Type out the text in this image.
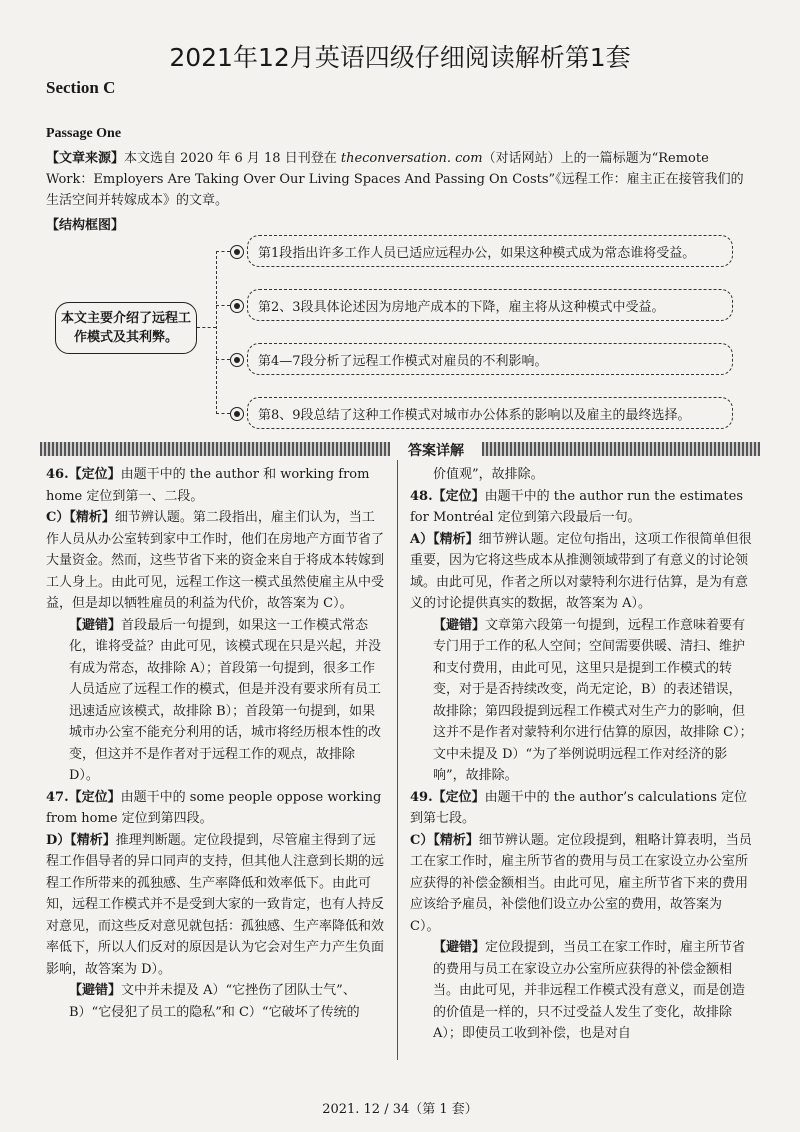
2021年12月英语四级仔细阅读解析第1套
Section C
Passage One
【文章来源】本文选自 2020 年 6 月 18 日刊登在 theconversation. com（对话网站）上的一篇标题为“Remote Work：Employers Are Taking Over Our Living Spaces And Passing On Costs”《远程工作：雇主正在接管我们的生活空间并转嫁成本》的文章。
【结构框图】
本文主要介绍了远程工作模式及其利弊。
第1段指出许多工作人员已适应远程办公，如果这种模式成为常态谁将受益。
第2、3段具体论述因为房地产成本的下降，雇主将从这种模式中受益。
第4—7段分析了远程工作模式对雇员的不利影响。
第8、9段总结了这种工作模式对城市办公体系的影响以及雇主的最终选择。
答案详解

46.【定位】由题干中的 the author 和 working from home 定位到第一、二段。

C）【精析】细节辨认题。第二段指出，雇主们认为，当工作人员从办公室转到家中工作时，他们在房地产方面节省了大量资金。然而，这些节省下来的资金来自于将成本转嫁到工人身上。由此可见，远程工作这一模式虽然使雇主从中受益，但是却以牺牲雇员的利益为代价，故答案为 C）。

【避错】首段最后一句提到，如果这一工作模式常态化，谁将受益？由此可见，该模式现在只是兴起，并没有成为常态，故排除 A）；首段第一句提到，很多工作人员适应了远程工作的模式，但是并没有要求所有员工迅速适应该模式，故排除 B）；首段第一句提到，如果城市办公室不能充分利用的话，城市将经历根本性的改变，但这并不是作者对于远程工作的观点，故排除 D）。

47.【定位】由题干中的 some people oppose working from home 定位到第四段。

D）【精析】推理判断题。定位段提到，尽管雇主得到了远程工作倡导者的异口同声的支持，但其他人注意到长期的远程工作所带来的孤独感、生产率降低和效率低下。由此可知，远程工作模式并不是受到大家的一致肯定，也有人持反对意见，而这些反对意见就包括：孤独感、生产率降低和效率低下，所以人们反对的原因是认为它会对生产力产生负面影响，故答案为 D）。

【避错】文中并未提及 A）“它挫伤了团队士气”、B）“它侵犯了员工的隐私”和 C）“它破坏了传统的

价值观”，故排除。

48.【定位】由题干中的 the author run the estimates for Montréal 定位到第六段最后一句。

A）【精析】细节辨认题。定位句指出，这项工作很简单但很重要，因为它将这些成本从推测领域带到了有意义的讨论领域。由此可见，作者之所以对蒙特利尔进行估算，是为有意义的讨论提供真实的数据，故答案为 A）。

【避错】文章第六段第一句提到，远程工作意味着要有专门用于工作的私人空间；空间需要供暖、清扫、维护和支付费用，由此可见，这里只是提到工作模式的转变，对于是否持续改变，尚无定论，B）的表述错误，故排除；第四段提到远程工作模式对生产力的影响，但这并不是作者对蒙特利尔进行估算的原因，故排除 C）；文中未提及 D）“为了举例说明远程工作对经济的影响”，故排除。

49.【定位】由题干中的 the author’s calculations 定位到第七段。

C）【精析】细节辨认题。定位段提到，粗略计算表明，当员工在家工作时，雇主所节省的费用与员工在家设立办公室所应获得的补偿金额相当。由此可见，雇主所节省下来的费用应该给予雇员，补偿他们设立办公室的费用，故答案为 C）。

【避错】定位段提到，当员工在家工作时，雇主所节省的费用与员工在家设立办公室所应获得的补偿金额相当。由此可见，并非远程工作模式没有意义，而是创造的价值是一样的，只不过受益人发生了变化，故排除 A）；即使员工收到补偿，也是对自

2021. 12 / 34（第 1 套）
